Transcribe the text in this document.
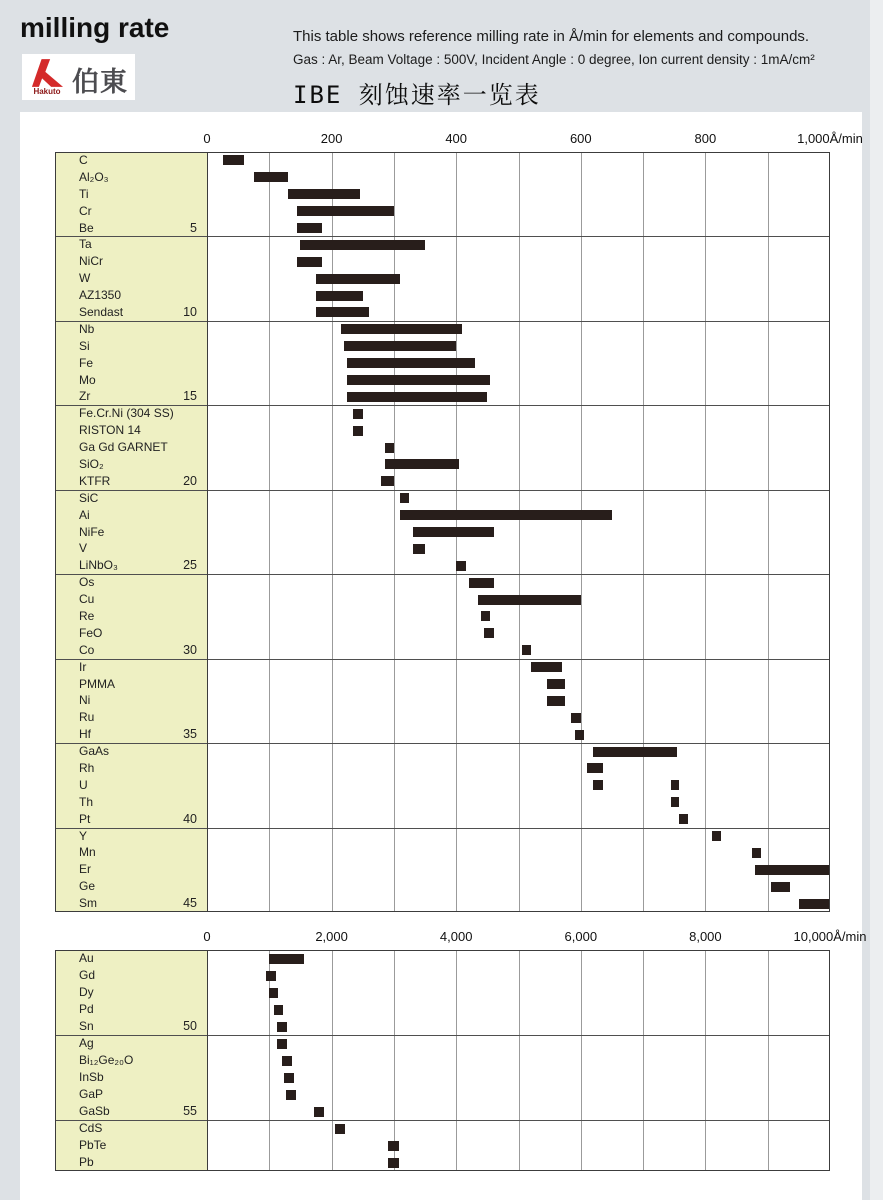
milling rate
Hakuto 伯東
This table shows reference milling rate in Å/min for elements and compounds.
Gas : Ar, Beam Voltage : 500V, Incident Angle : 0 degree, Ion current density : 1mA/cm²
IBE 刻蚀速率一览表
C
Al₂O₃
Ti
Cr
Be	5
Ta
NiCr
W
AZ1350
Sendast	10
Nb
Si
Fe
Mo
Zr	15
Fe.Cr.Ni (304 SS)
RISTON 14
Ga Gd GARNET
SiO₂
KTFR	20
SiC
Ai
NiFe
V
LiNbO₃	25
Os
Cu
Re
FeO
Co	30
Ir
PMMA
Ni
Ru
Hf	35
GaAs
Rh
U
Th
Pt	40
Y
Mn
Er
Ge
Sm	45
0	200	400	600	800	1,000Å/min
Au
Gd
Dy
Pd
Sn	50
Ag
Bi₁₂Ge₂₀O
InSb
GaP
GaSb	55
CdS
PbTe
Pb
0	2,000	4,000	6,000	8,000	10,000Å/min
